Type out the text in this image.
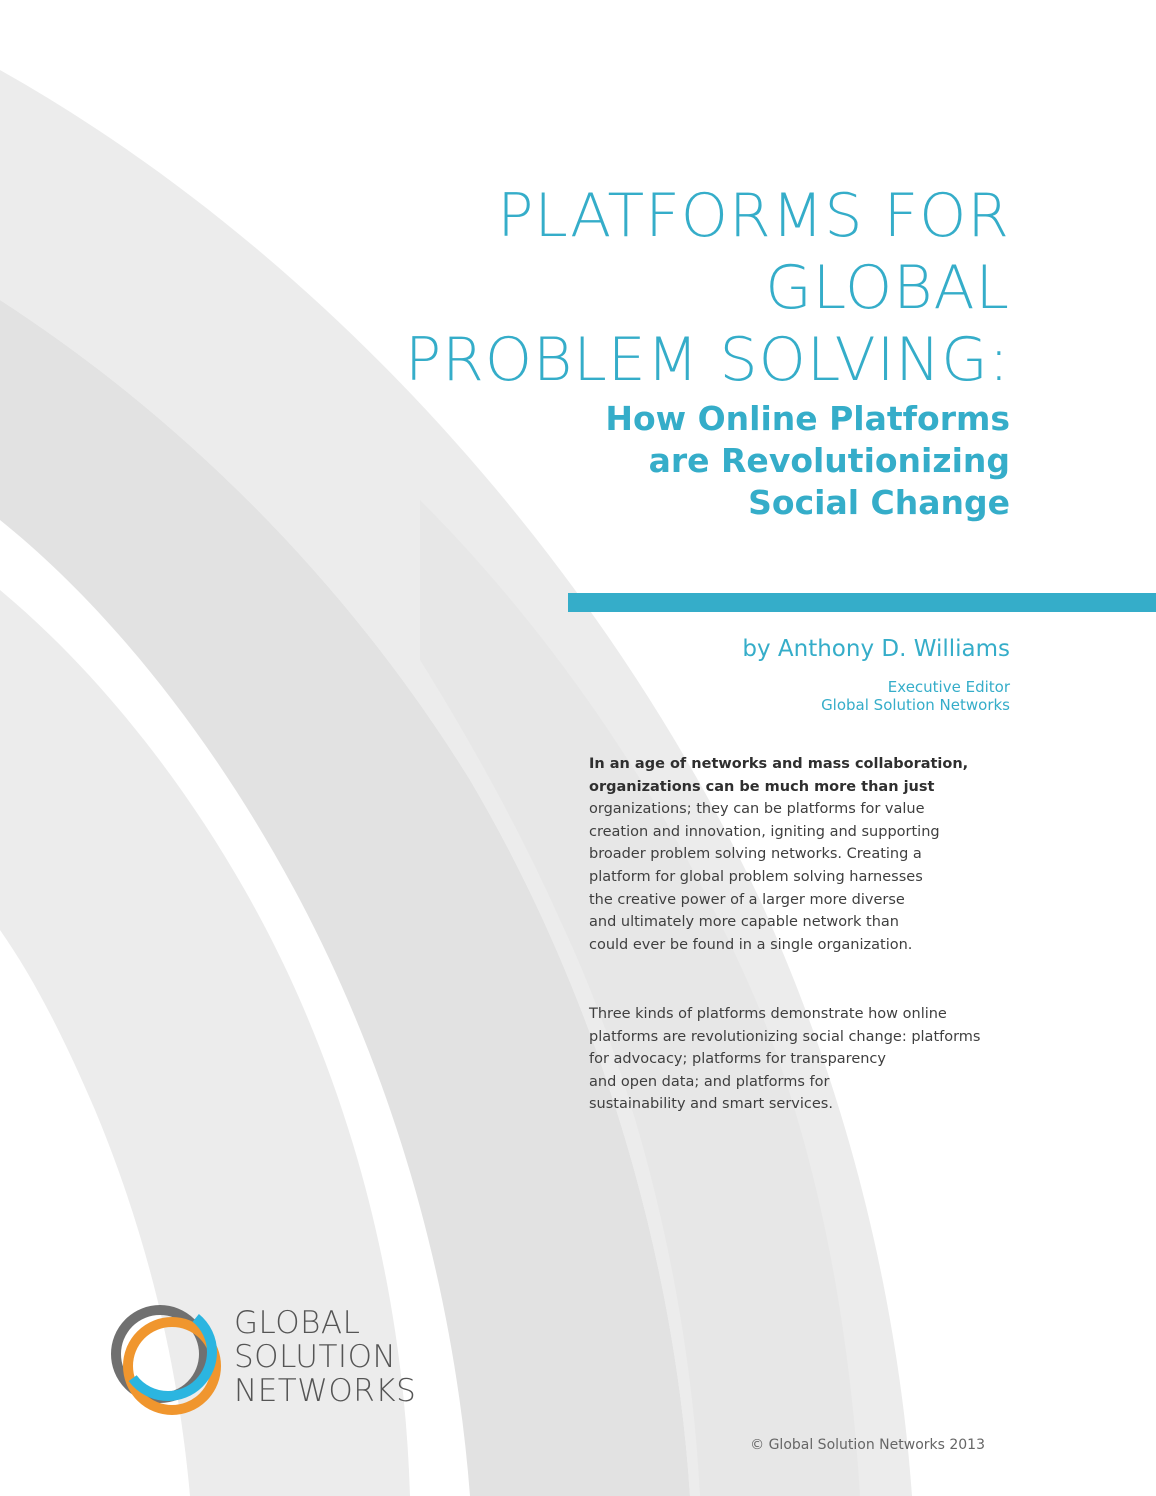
PLATFORMS FOR
GLOBAL
PROBLEM SOLVING:
How Online Platforms
are Revolutionizing
Social Change
by Anthony D. Williams
Executive Editor
Global Solution Networks

In an age of networks and mass collaboration,
organizations can be much more than just
organizations; they can be platforms for value
creation and innovation, igniting and supporting
broader problem solving networks. Creating a
platform for global problem solving harnesses
the creative power of a larger more diverse
and ultimately more capable network than
could ever be found in a single organization.

Three kinds of platforms demonstrate how online
platforms are revolutionizing social change: platforms
for advocacy; platforms for transparency
and open data; and platforms for
sustainability and smart services.

GLOBAL
SOLUTION
NETWORKS
© Global Solution Networks 2013
